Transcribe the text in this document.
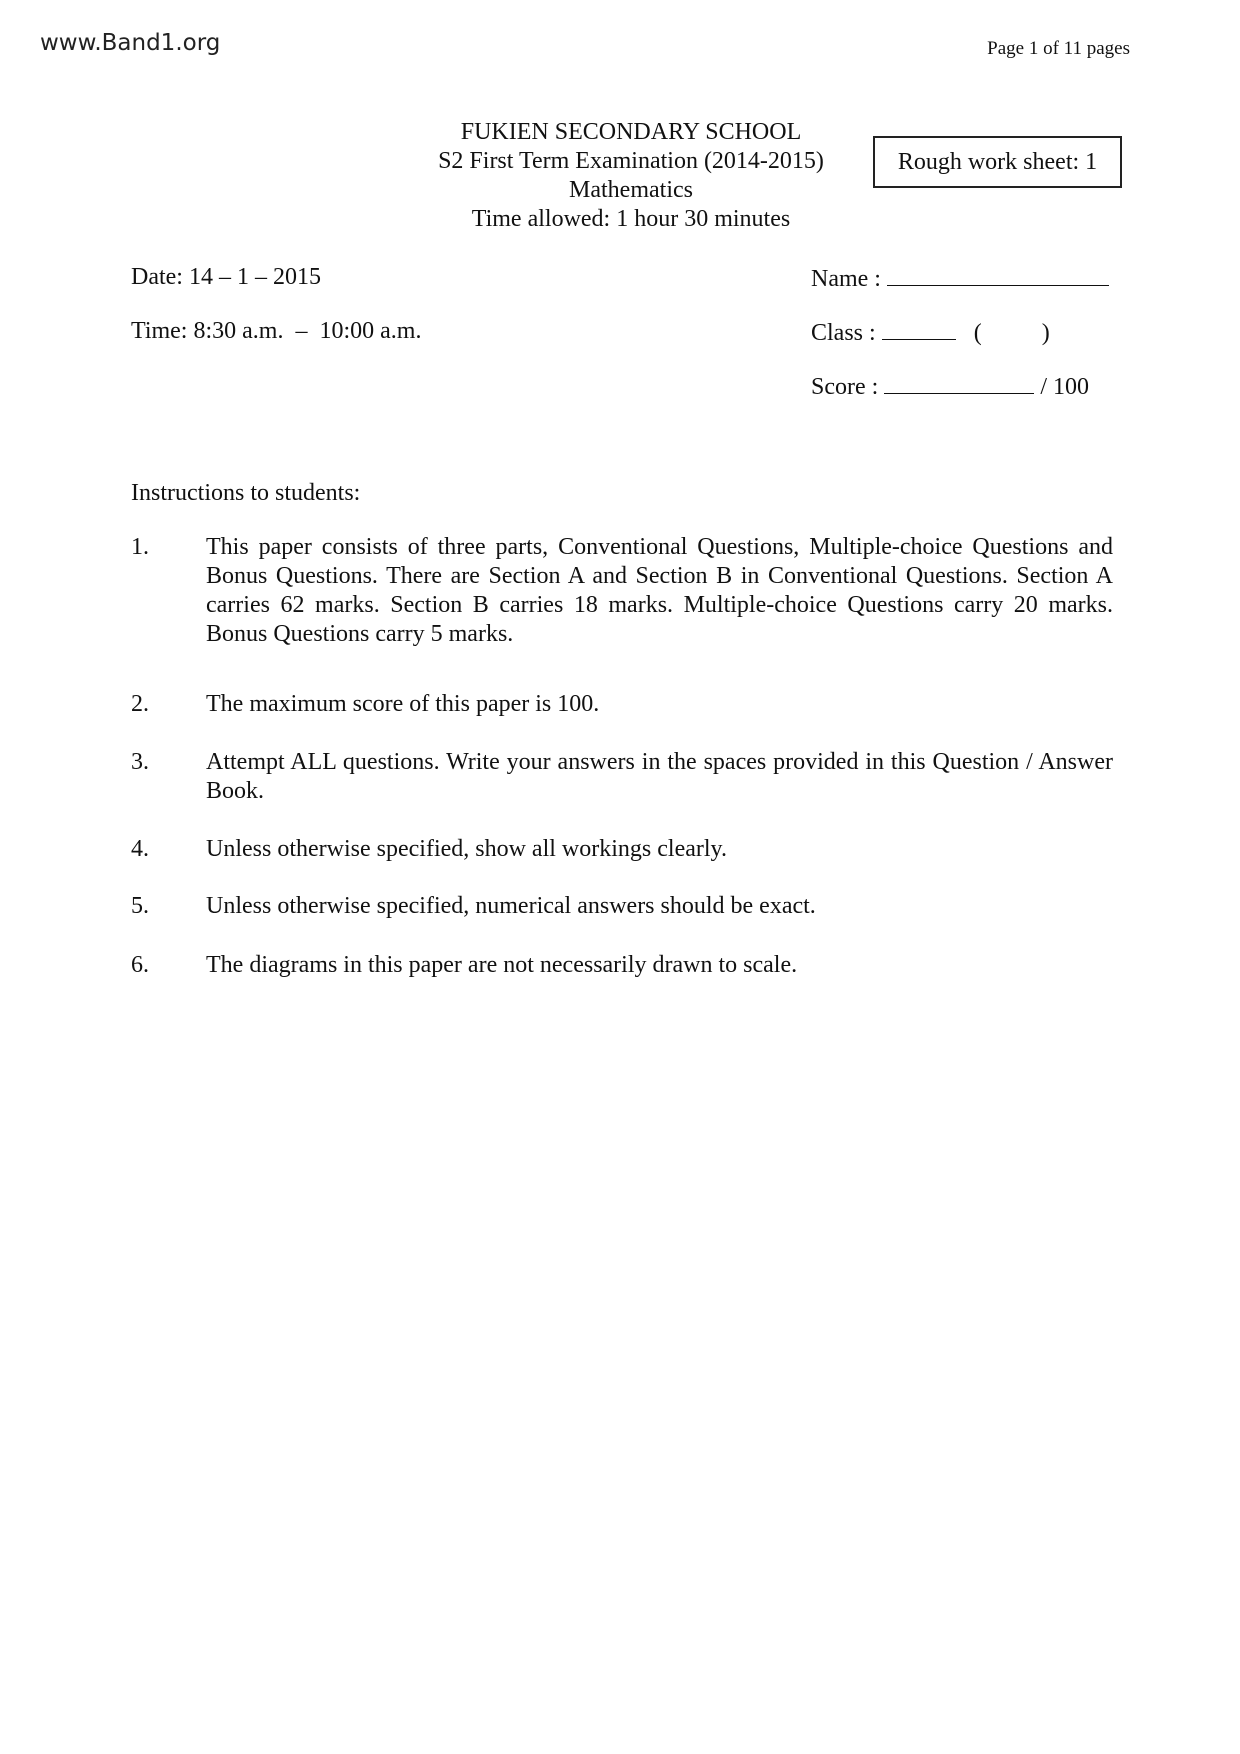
www.Band1.org	Page 1 of 11 pages
FUKIEN SECONDARY SCHOOL
S2 First Term Examination (2014-2015)
Mathematics
Time allowed: 1 hour 30 minutes
Rough work sheet: 1
Date: 14 – 1 – 2015
Time: 8:30 a.m.  –  10:00 a.m.
Name :
Class :	(	)
Score :	/ 100
Instructions to students:
1. This paper consists of three parts, Conventional Questions, Multiple-choice Questions and Bonus Questions. There are Section A and Section B in Conventional Questions. Section A carries 62 marks. Section B carries 18 marks. Multiple-choice Questions carry 20 marks. Bonus Questions carry 5 marks.
2. The maximum score of this paper is 100.
3. Attempt ALL questions. Write your answers in the spaces provided in this Question / Answer Book.
4. Unless otherwise specified, show all workings clearly.
5. Unless otherwise specified, numerical answers should be exact.
6. The diagrams in this paper are not necessarily drawn to scale.
